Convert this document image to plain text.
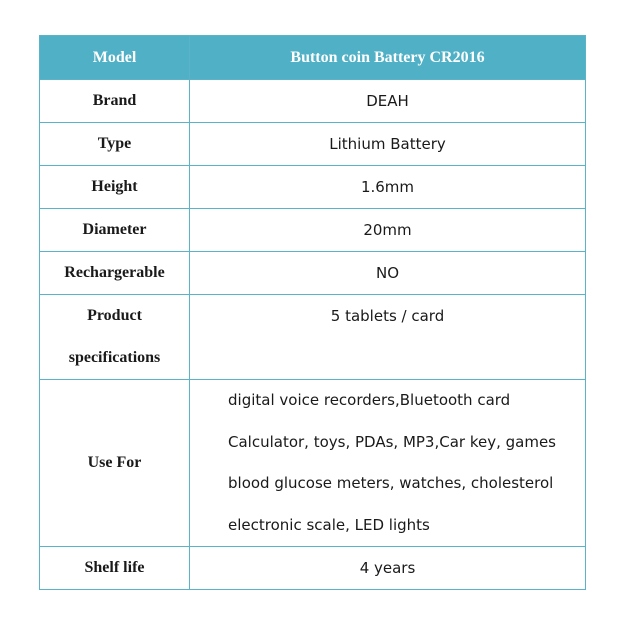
Model	Button coin Battery CR2016
Brand	DEAH
Type	Lithium Battery
Height	1.6mm
Diameter	20mm
Rechargerable	NO

Product
specifications	5 tablets / card

Use For	digital voice recorders,Bluetooth card
Calculator, toys, PDAs, MP3,Car key, games
blood glucose meters, watches, cholesterol
electronic scale, LED lights

Shelf life	4 years
